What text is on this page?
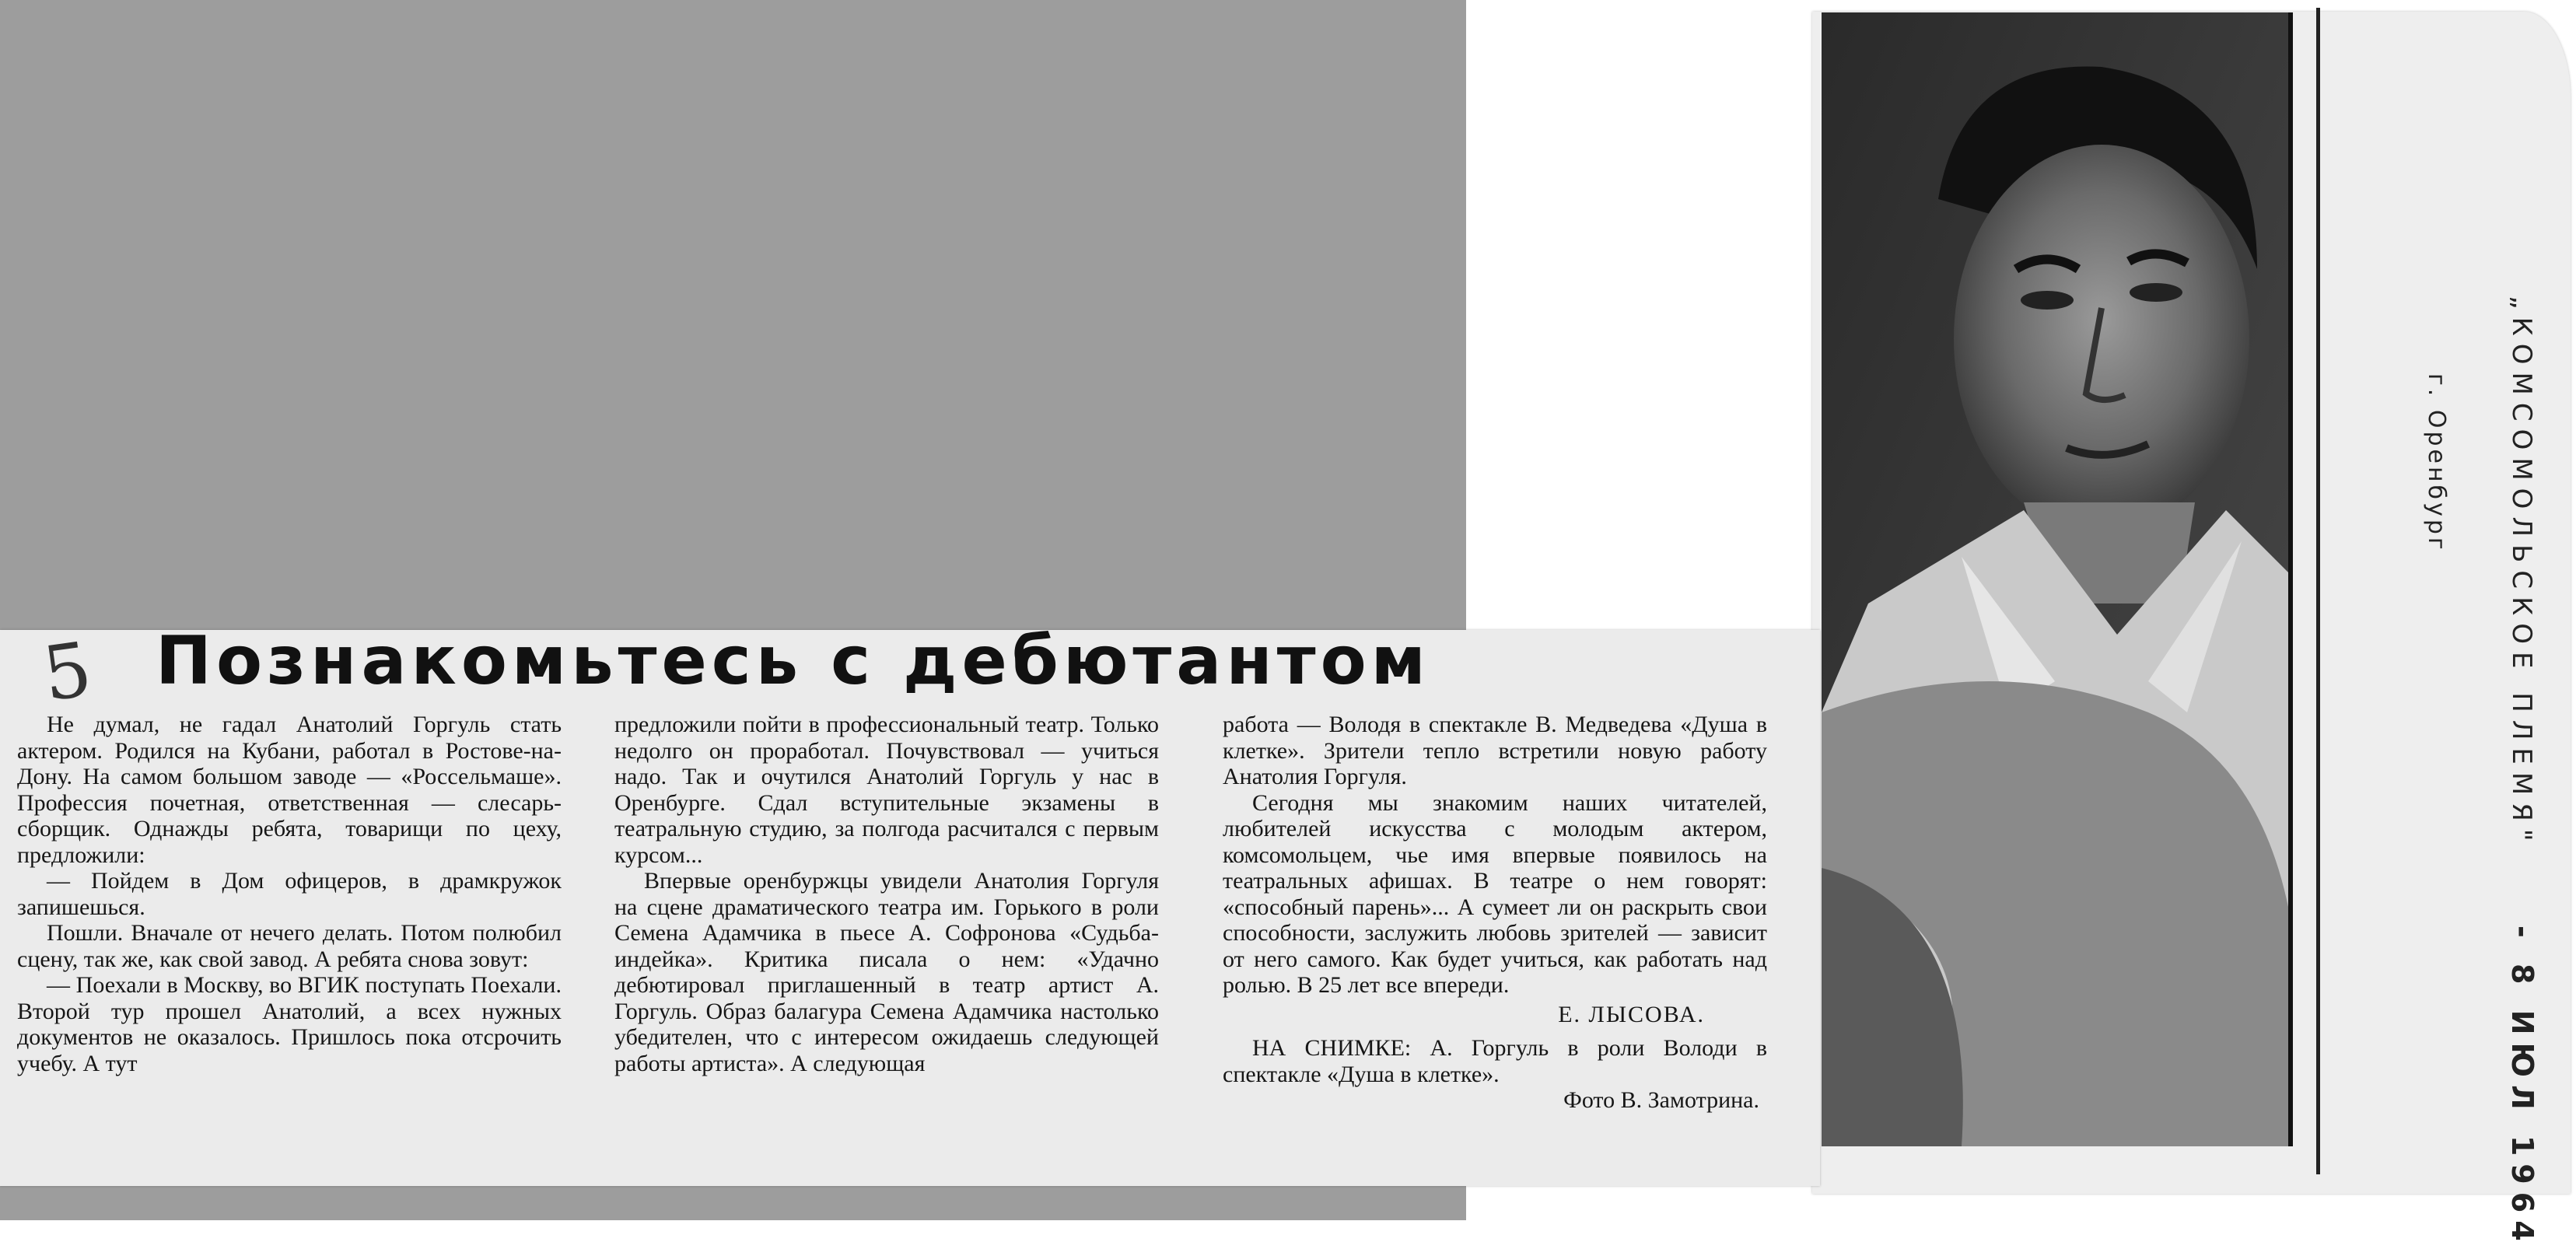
5 Познакомьтесь с дебютантом

Не думал, не гадал Анатолий Горгуль стать актером. Родился на Кубани, работал в Ростове-на-Дону. На самом большом заводе — «Россельмаше». Профессия почетная, ответственная — слесарь-сборщик. Однажды ребята, товарищи по цеху, предложили:

— Пойдем в Дом офицеров, в драмкружок запишешься.

Пошли. Вначале от нечего делать. Потом полюбил сцену, так же, как свой завод. А ребята снова зовут:

— Поехали в Москву, во ВГИК поступать Поехали. Второй тур прошел Анатолий, а всех нужных документов не оказалось. Пришлось пока отсрочить учебу. А тут

предложили пойти в профессиональный театр. Только недолго он проработал. Почувствовал — учиться надо. Так и очутился Анатолий Горгуль у нас в Оренбурге. Сдал вступительные экзамены в театральную студию, за полгода расчитался с первым курсом...

Впервые оренбуржцы увидели Анатолия Горгуля на сцене драматического театра им. Горького в роли Семена Адамчика в пьесе А. Софронова «Судьба-индейка». Критика писала о нем: «Удачно дебютировал приглашенный в театр артист А. Горгуль. Образ балагура Семена Адамчика настолько убедителен, что с интересом ожидаешь следующей работы артиста». А следующая

работа — Володя в спектакле В. Медведева «Душа в клетке». Зрители тепло встретили новую работу Анатолия Горгуля.

Сегодня мы знакомим наших читателей, любителей искусства с молодым актером, комсомольцем, чье имя впервые появилось на театральных афишах. В театре о нем говорят: «способный парень»... А сумеет ли он раскрыть свои способности, заслужить любовь зрителей — зависит от него самого. Как будет учиться, как работать над ролью. В 25 лет все впереди.

Е. ЛЫСОВА.

НА СНИМКЕ: А. Горгуль в роли Володи в спектакле «Душа в клетке».

Фото В. Замотрина.

„КОМСОМОЛЬСКОЕ ПЛЕМЯ"
г. Оренбург
- 8 ИЮЛ 1964
